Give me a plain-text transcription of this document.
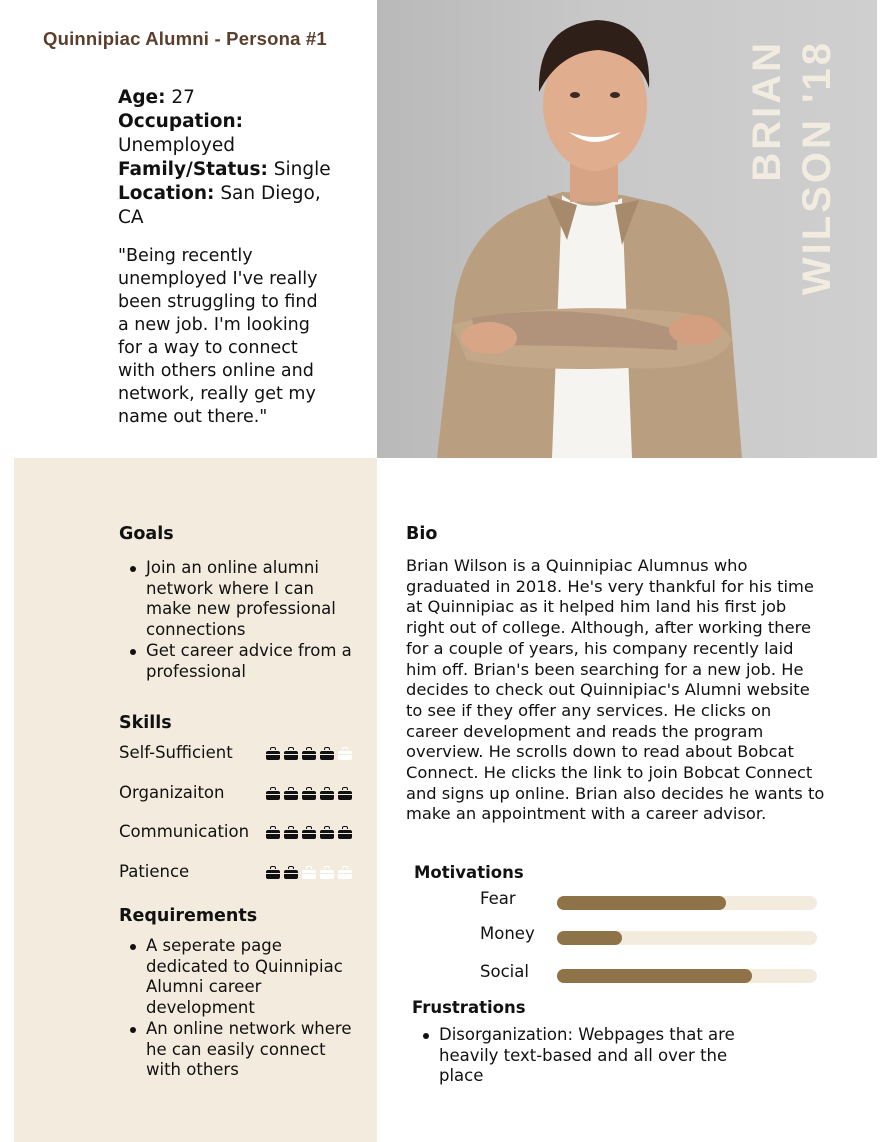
Quinnipiac Alumni - Persona #1
Age: 27
Occupation: Unemployed
Family/Status: Single
Location: San Diego, CA
"Being recently unemployed I've really been struggling to find a new job. I'm looking for a way to connect with others online and network, really get my name out there."
BRIAN WILSON '18
Goals
Join an online alumni network where I can make new professional connections
Get career advice from a professional
Skills
Self-Sufficient
Organizaiton
Communication
Patience
Requirements
A seperate page dedicated to Quinnipiac Alumni career development
An online network where he can easily connect with others
Bio
Brian Wilson is a Quinnipiac Alumnus who graduated in 2018. He's very thankful for his time at Quinnipiac as it helped him land his first job right out of college. Although, after working there for a couple of years, his company recently laid him off. Brian's been searching for a new job. He decides to check out Quinnipiac's Alumni website to see if they offer any services. He clicks on career development and reads the program overview. He scrolls down to read about Bobcat Connect. He clicks the link to join Bobcat Connect and signs up online. Brian also decides he wants to make an appointment with a career advisor.
Motivations
Fear
Money
Social
Frustrations
Disorganization: Webpages that are heavily text-based and all over the place
